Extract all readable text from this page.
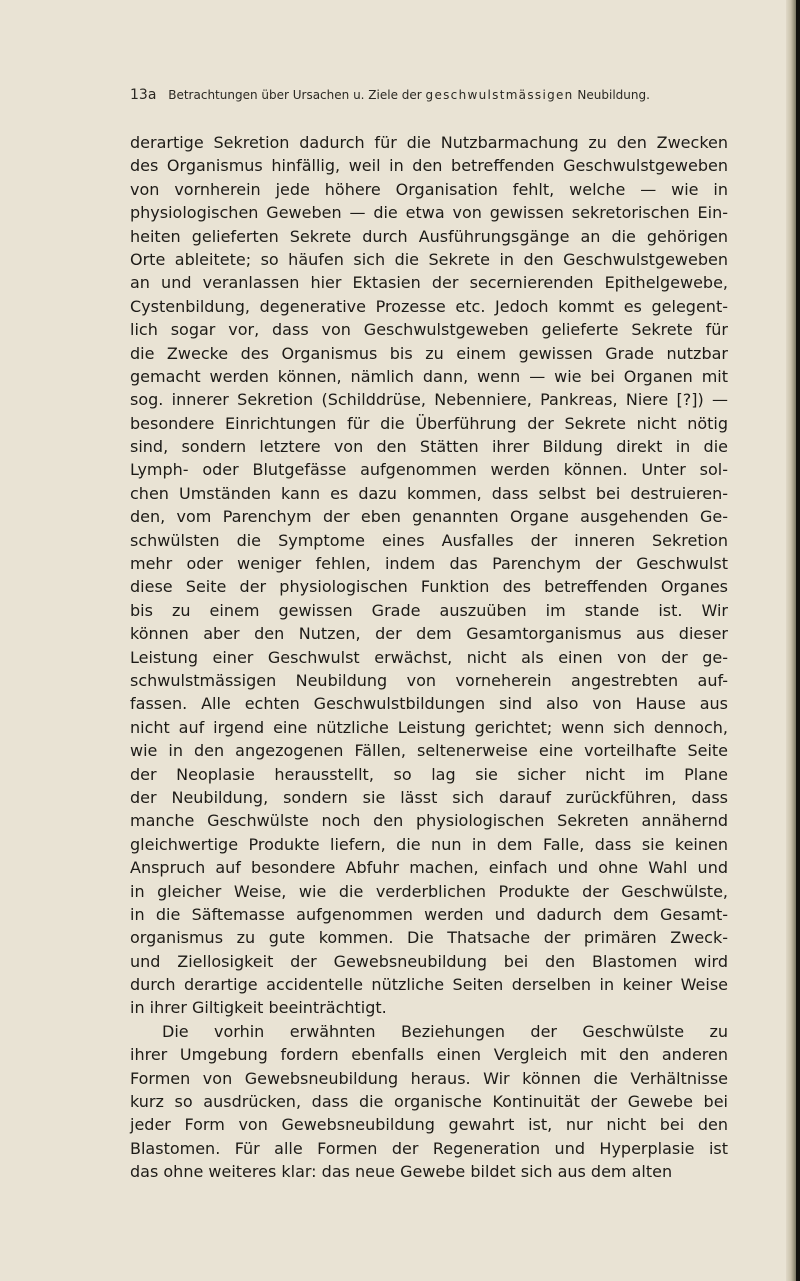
13a Betrachtungen über Ursachen u. Ziele der geschwulstmässigen Neubildung.
derartige Sekretion dadurch für die Nutzbarmachung zu den Zwecken
des Organismus hinfällig, weil in den betreffenden Geschwulstgeweben
von vornherein jede höhere Organisation fehlt, welche — wie in
physiologischen Geweben — die etwa von gewissen sekretorischen Ein-
heiten gelieferten Sekrete durch Ausführungsgänge an die gehörigen
Orte ableitete; so häufen sich die Sekrete in den Geschwulstgeweben
an und veranlassen hier Ektasien der secernierenden Epithelgewebe,
Cystenbildung, degenerative Prozesse etc. Jedoch kommt es gelegent-
lich sogar vor, dass von Geschwulstgeweben gelieferte Sekrete für
die Zwecke des Organismus bis zu einem gewissen Grade nutzbar
gemacht werden können, nämlich dann, wenn — wie bei Organen mit
sog. innerer Sekretion (Schilddrüse, Nebenniere, Pankreas, Niere [?]) —
besondere Einrichtungen für die Überführung der Sekrete nicht nötig
sind, sondern letztere von den Stätten ihrer Bildung direkt in die
Lymph- oder Blutgefässe aufgenommen werden können. Unter sol-
chen Umständen kann es dazu kommen, dass selbst bei destruieren-
den, vom Parenchym der eben genannten Organe ausgehenden Ge-
schwülsten die Symptome eines Ausfalles der inneren Sekretion
mehr oder weniger fehlen, indem das Parenchym der Geschwulst
diese Seite der physiologischen Funktion des betreffenden Organes
bis zu einem gewissen Grade auszuüben im stande ist. Wir
können aber den Nutzen, der dem Gesamtorganismus aus dieser
Leistung einer Geschwulst erwächst, nicht als einen von der ge-
schwulstmässigen Neubildung von vorneherein angestrebten auf-
fassen. Alle echten Geschwulstbildungen sind also von Hause aus
nicht auf irgend eine nützliche Leistung gerichtet; wenn sich dennoch,
wie in den angezogenen Fällen, seltenerweise eine vorteilhafte Seite
der Neoplasie herausstellt, so lag sie sicher nicht im Plane
der Neubildung, sondern sie lässt sich darauf zurückführen, dass
manche Geschwülste noch den physiologischen Sekreten annähernd
gleichwertige Produkte liefern, die nun in dem Falle, dass sie keinen
Anspruch auf besondere Abfuhr machen, einfach und ohne Wahl und
in gleicher Weise, wie die verderblichen Produkte der Geschwülste,
in die Säftemasse aufgenommen werden und dadurch dem Gesamt-
organismus zu gute kommen. Die Thatsache der primären Zweck-
und Ziellosigkeit der Gewebsneubildung bei den Blastomen wird
durch derartige accidentelle nützliche Seiten derselben in keiner Weise
in ihrer Giltigkeit beeinträchtigt.
Die vorhin erwähnten Beziehungen der Geschwülste zu
ihrer Umgebung fordern ebenfalls einen Vergleich mit den anderen
Formen von Gewebsneubildung heraus. Wir können die Verhältnisse
kurz so ausdrücken, dass die organische Kontinuität der Gewebe bei
jeder Form von Gewebsneubildung gewahrt ist, nur nicht bei den
Blastomen. Für alle Formen der Regeneration und Hyperplasie ist
das ohne weiteres klar: das neue Gewebe bildet sich aus dem alten
